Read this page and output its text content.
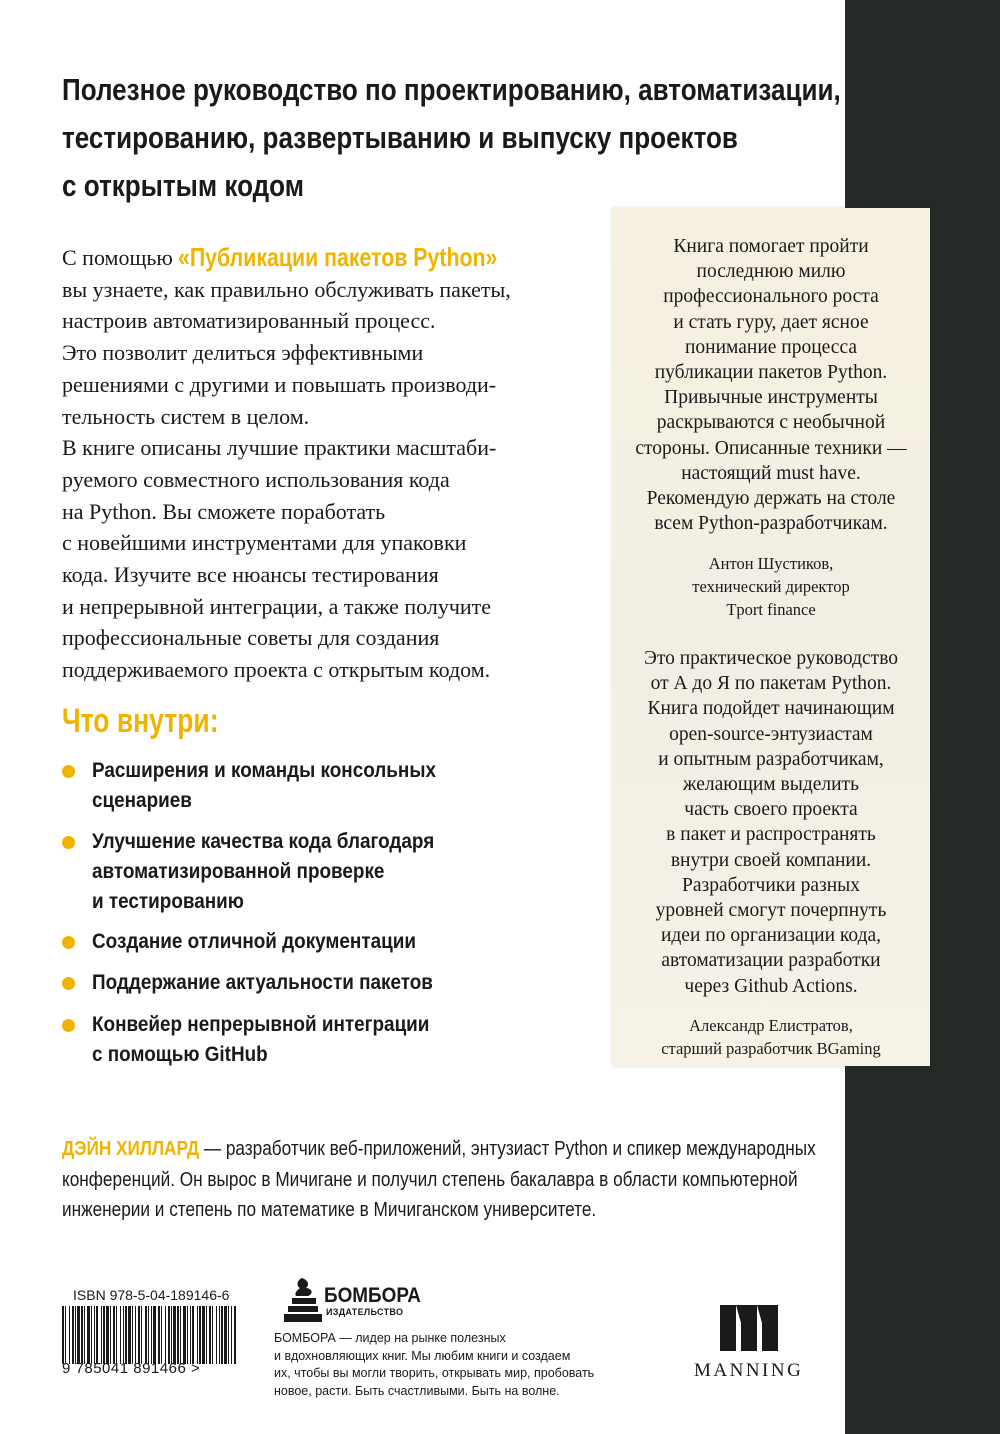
Полезное руководство по проектированию, автоматизации,
тестированию, развертыванию и выпуску проектов
с открытым кодом
С помощью «Публикации пакетов Python»
вы узнаете, как правильно обслуживать пакеты,
настроив автоматизированный процесс.
Это позволит делиться эффективными
решениями с другими и повышать производи-
тельность систем в целом.
В книге описаны лучшие практики масштаби-
руемого совместного использования кода
на Python. Вы сможете поработать
с новейшими инструментами для упаковки
кода. Изучите все нюансы тестирования
и непрерывной интеграции, а также получите
профессиональные советы для создания
поддерживаемого проекта с открытым кодом.
Что внутри:
Расширения и команды консольных
сценариев
Улучшение качества кода благодаря
автоматизированной проверке
и тестированию
Создание отличной документации
Поддержание актуальности пакетов
Конвейер непрерывной интеграции
с помощью GitHub
Книга помогает пройти
последнюю милю
профессионального роста
и стать гуру, дает ясное
понимание процесса
публикации пакетов Python.
Привычные инструменты
раскрываются с необычной
стороны. Описанные техники —
настоящий must have.
Рекомендую держать на столе
всем Python-разработчикам.
Антон Шустиков,
технический директор
Tport finance
Это практическое руководство
от А до Я по пакетам Python.
Книга подойдет начинающим
open-source-энтузиастам
и опытным разработчикам,
желающим выделить
часть своего проекта
в пакет и распространять
внутри своей компании.
Разработчики разных
уровней смогут почерпнуть
идеи по организации кода,
автоматизации разработки
через Github Actions.
Александр Елистратов,
старший разработчик BGaming
ДЭЙН ХИЛЛАРД — разработчик веб-приложений, энтузиаст Python и спикер международных
конференций. Он вырос в Мичигане и получил степень бакалавра в области компьютерной
инженерии и степень по математике в Мичиганском университете.
ISBN 978-5-04-189146-6
9 785041 891466 >
БОМБОРА
ИЗДАТЕЛЬСТВО
БОМБОРА — лидер на рынке полезных
и вдохновляющих книг. Мы любим книги и создаем
их, чтобы вы могли творить, открывать мир, пробовать
новое, расти. Быть счастливыми. Быть на волне.
MANNING
